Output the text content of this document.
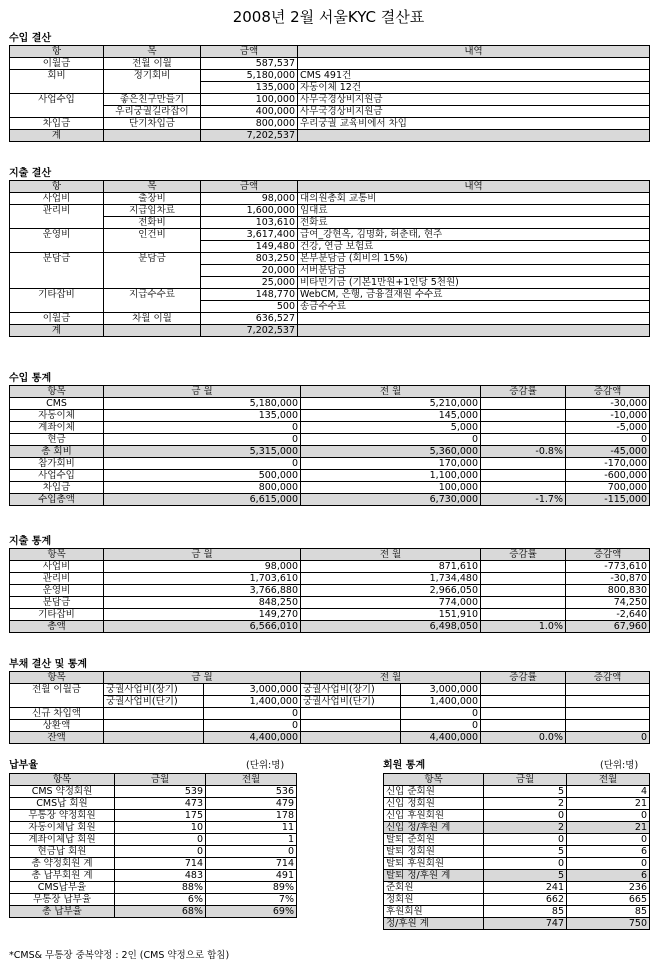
2008년 2월 서울KYC 결산표
수입 결산
항	목	금액	내역
이월금	전월 이월	587,537	
회비	정기회비	5,180,000	CMS 491건
		135,000	자동이체 12건
사업수입	좋은친구만들기	100,000	사무국경상비지원금
	우리궁궐길라잡이	400,000	사무국경상비지원금
차입금	단기차입금	800,000	우리궁궐 교육비에서 차입
계		7,202,537	
지출 결산
항	목	금액	내역
사업비	출장비	98,000	대의원총회 교통비
관리비	지급임차료	1,600,000	임대료
	전화비	103,610	전화료
운영비	인건비	3,617,400	급여_강현옥, 김명화, 허춘태, 현주
		149,480	건강, 연금 보험료
분담금	분담금	803,250	본부분담금 (회비의 15%)
		20,000	서버분담금
		25,000	비타민기금 (기본1만원+1인당 5천원)
기타잡비	지급수수료	148,770	WebCM, 은행, 금융결재원 수수료
		500	송금수수료
이월금	차월 이월	636,527	
계		7,202,537	
수입 통계
항목	금 월	전 월	증감률	증감액
CMS	5,180,000	5,210,000		-30,000
자동이체	135,000	145,000		-10,000
계좌이체	0	5,000		-5,000
현금	0	0		0
총 회비	5,315,000	5,360,000	-0.8%	-45,000
참가회비	0	170,000		-170,000
사업수입	500,000	1,100,000		-600,000
차입금	800,000	100,000		700,000
수입총액	6,615,000	6,730,000	-1.7%	-115,000
지출 통계
항목	금 월	전 월	증감률	증감액
사업비	98,000	871,610		-773,610
관리비	1,703,610	1,734,480		-30,870
운영비	3,766,880	2,966,050		800,830
분담금	848,250	774,000		74,250
기타잡비	149,270	151,910		-2,640
총액	6,566,010	6,498,050	1.0%	67,960
부채 결산 및 통계
항목	금 월		전 월		증감률	증감액
전월 이월금	궁궐사업비(장기)	3,000,000	궁궐사업비(장기)	3,000,000		
	궁궐사업비(단기)	1,400,000	궁궐사업비(단기)	1,400,000		
신규 차입액		0		0		
상환액		0		0		
잔액		4,400,000		4,400,000	0.0%	0
납부율	(단위:명)
항목	금월	전월
CMS 약정회원	539	536
CMS납 회원	473	479
무통장 약정회원	175	178
자동이체납 회원	10	11
계좌이체납 회원	0	1
현금납 회원	0	0
총 약정회원 계	714	714
총 납부회원 계	483	491
CMS납부율	88%	89%
무통장 납부율	6%	7%
총 납부율	68%	69%
회원 통계	(단위:명)
항목	금월	전월
신입 준회원	5	4
신입 정회원	2	21
신입 후원회원	0	0
신입 정/후원 계	2	21
탈퇴 준회원	0	0
탈퇴 정회원	5	6
탈퇴 후원회원	0	0
탈퇴 정/후원 계	5	6
준회원	241	236
정회원	662	665
후원회원	85	85
정/후원 계	747	750
*CMS& 무통장 중복약정 : 2인 (CMS 약정으로 합침)
